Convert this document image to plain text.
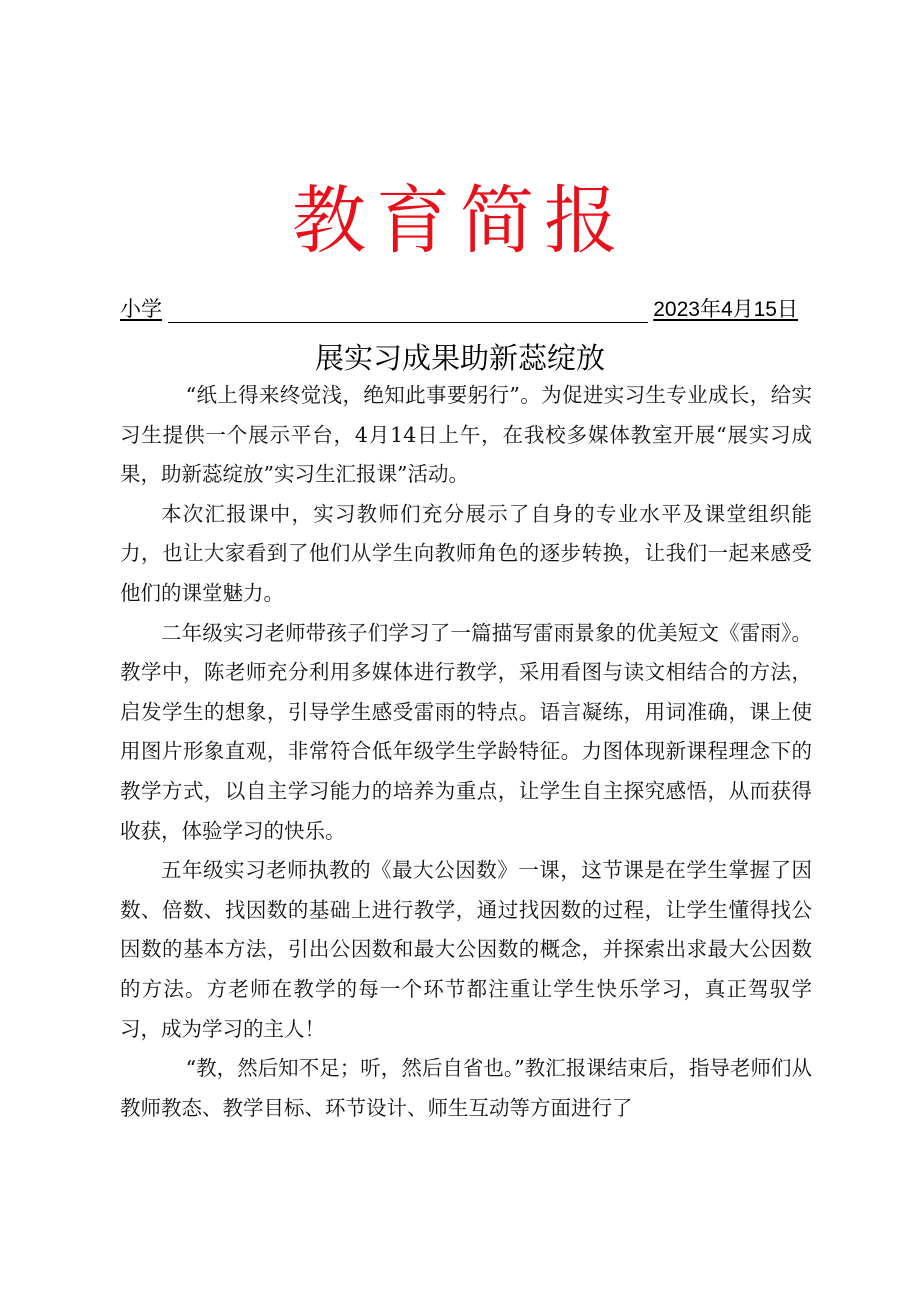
教育简报
小学	2023年4月15日
展实习成果助新蕊绽放

“纸上得来终觉浅，绝知此事要躬行”。为促进实习生专业成长，给实习生提供一个展示平台，4月14日上午，在我校多媒体教室开展“展实习成果，助新蕊绽放”实习生汇报课”活动。

本次汇报课中，实习教师们充分展示了自身的专业水平及课堂组织能力，也让大家看到了他们从学生向教师角色的逐步转换，让我们一起来感受他们的课堂魅力。

二年级实习老师带孩子们学习了一篇描写雷雨景象的优美短文《雷雨》。教学中，陈老师充分利用多媒体进行教学，采用看图与读文相结合的方法，启发学生的想象，引导学生感受雷雨的特点。语言凝练，用词准确，课上使用图片形象直观，非常符合低年级学生学龄特征。力图体现新课程理念下的教学方式，以自主学习能力的培养为重点，让学生自主探究感悟，从而获得收获，体验学习的快乐。

五年级实习老师执教的《最大公因数》一课，这节课是在学生掌握了因数、倍数、找因数的基础上进行教学，通过找因数的过程，让学生懂得找公因数的基本方法，引出公因数和最大公因数的概念，并探索出求最大公因数的方法。方老师在教学的每一个环节都注重让学生快乐学习，真正驾驭学习，成为学习的主人！

“教，然后知不足；听，然后自省也。”教汇报课结束后，指导老师们从教师教态、教学目标、环节设计、师生互动等方面进行了
